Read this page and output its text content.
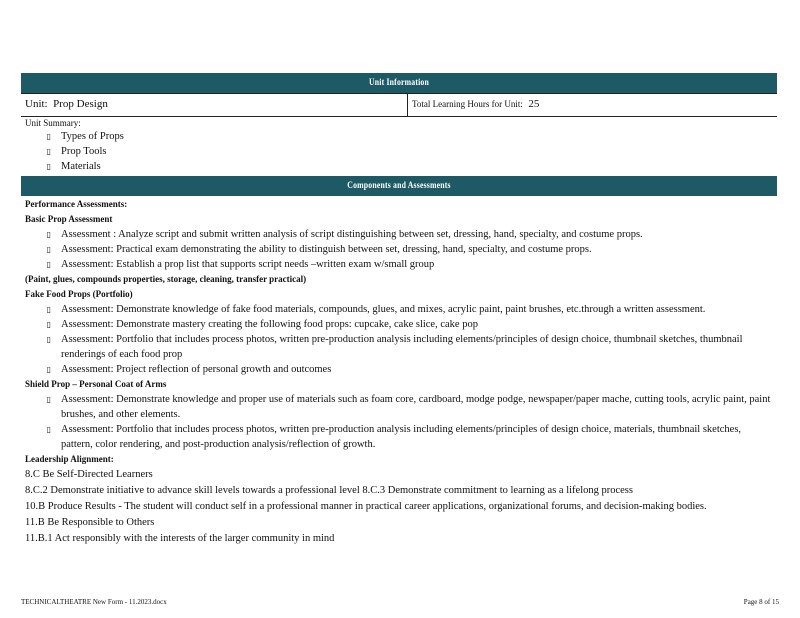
Unit Information
Unit: Prop Design	Total Learning Hours for Unit: 25
Unit Summary:
▯ Types of Props
▯ Prop Tools
▯ Materials
Components and Assessments
Performance Assessments:
Basic Prop Assessment
▯ Assessment : Analyze script and submit written analysis of script distinguishing between set, dressing, hand, specialty, and costume props.
▯ Assessment: Practical exam demonstrating the ability to distinguish between set, dressing, hand, specialty, and costume props.
▯ Assessment: Establish a prop list that supports script needs –written exam w/small group
(Paint, glues, compounds properties, storage, cleaning, transfer practical)
Fake Food Props (Portfolio)
▯ Assessment: Demonstrate knowledge of fake food materials, compounds, glues, and mixes, acrylic paint, paint brushes, etc.through a written assessment.
▯ Assessment: Demonstrate mastery creating the following food props: cupcake, cake slice, cake pop
▯ Assessment: Portfolio that includes process photos, written pre-production analysis including elements/principles of design choice, thumbnail sketches, thumbnail renderings of each food prop
▯ Assessment: Project reflection of personal growth and outcomes
Shield Prop – Personal Coat of Arms
▯ Assessment: Demonstrate knowledge and proper use of materials such as foam core, cardboard, modge podge, newspaper/paper mache, cutting tools, acrylic paint, paint brushes, and other elements.
▯ Assessment: Portfolio that includes process photos, written pre-production analysis including elements/principles of design choice, materials, thumbnail sketches, pattern, color rendering, and post-production analysis/reflection of growth.
Leadership Alignment:
8.C Be Self-Directed Learners
8.C.2 Demonstrate initiative to advance skill levels towards a professional level 8.C.3 Demonstrate commitment to learning as a lifelong process
10.B Produce Results - The student will conduct self in a professional manner in practical career applications, organizational forums, and decision-making bodies.
11.B Be Responsible to Others
11.B.1 Act responsibly with the interests of the larger community in mind
TECHNICALTHEATRE New Form - 11.2023.docx	Page 8 of 15
